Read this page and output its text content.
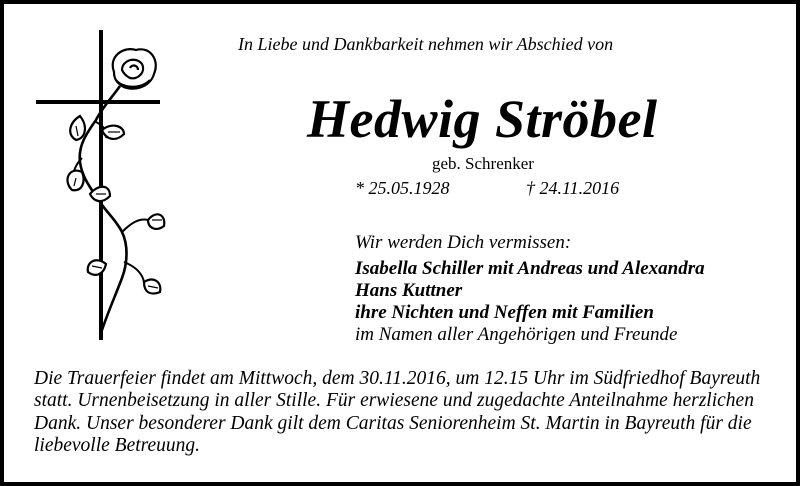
In Liebe und Dankbarkeit nehmen wir Abschied von
Hedwig Ströbel
geb. Schrenker
* 25.05.1928	† 24.11.2016
Wir werden Dich vermissen:
Isabella Schiller mit Andreas und Alexandra
Hans Kuttner
ihre Nichten und Neffen mit Familien
im Namen aller Angehörigen und Freunde
Die Trauerfeier findet am Mittwoch, dem 30.11.2016, um 12.15 Uhr im Südfriedhof Bayreuth
statt. Urnenbeisetzung in aller Stille. Für erwiesene und zugedachte Anteilnahme herzlichen
Dank. Unser besonderer Dank gilt dem Caritas Seniorenheim St. Martin in Bayreuth für die
liebevolle Betreuung.
